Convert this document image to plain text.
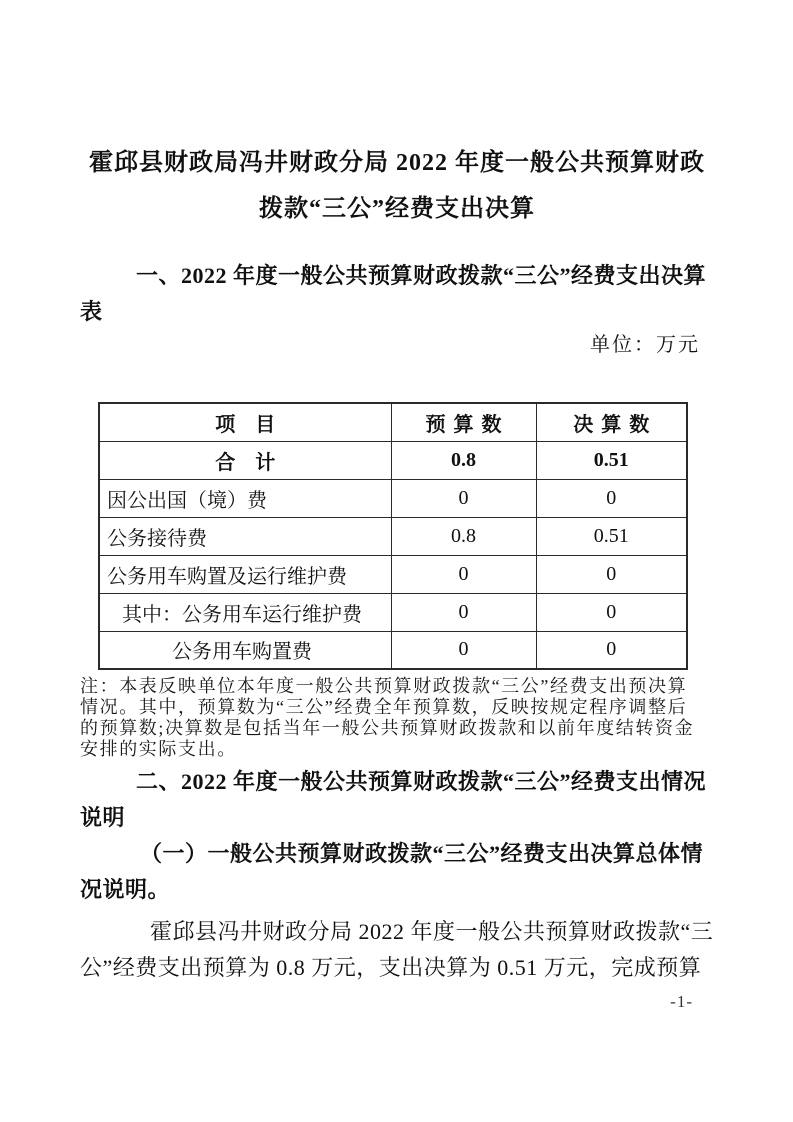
霍邱县财政局冯井财政分局 2022 年度一般公共预算财政
拨款“三公”经费支出决算
一、2022 年度一般公共预算财政拨款“三公”经费支出决算
表
单位：万元
项　目	预 算 数	决 算 数
合　计	0.8	0.51
因公出国（境）费	0	0
公务接待费	0.8	0.51
公务用车购置及运行维护费	0	0
其中：公务用车运行维护费	0	0
公务用车购置费	0	0
注：本表反映单位本年度一般公共预算财政拨款“三公”经费支出预决算
情况。其中，预算数为“三公”经费全年预算数，反映按规定程序调整后
的预算数;决算数是包括当年一般公共预算财政拨款和以前年度结转资金
安排的实际支出。
二、2022 年度一般公共预算财政拨款“三公”经费支出情况
说明
（一）一般公共预算财政拨款“三公”经费支出决算总体情
况说明。
霍邱县冯井财政分局 2022 年度一般公共预算财政拨款“三
公”经费支出预算为 0.8 万元，支出决算为 0.51 万元，完成预算
-1-
